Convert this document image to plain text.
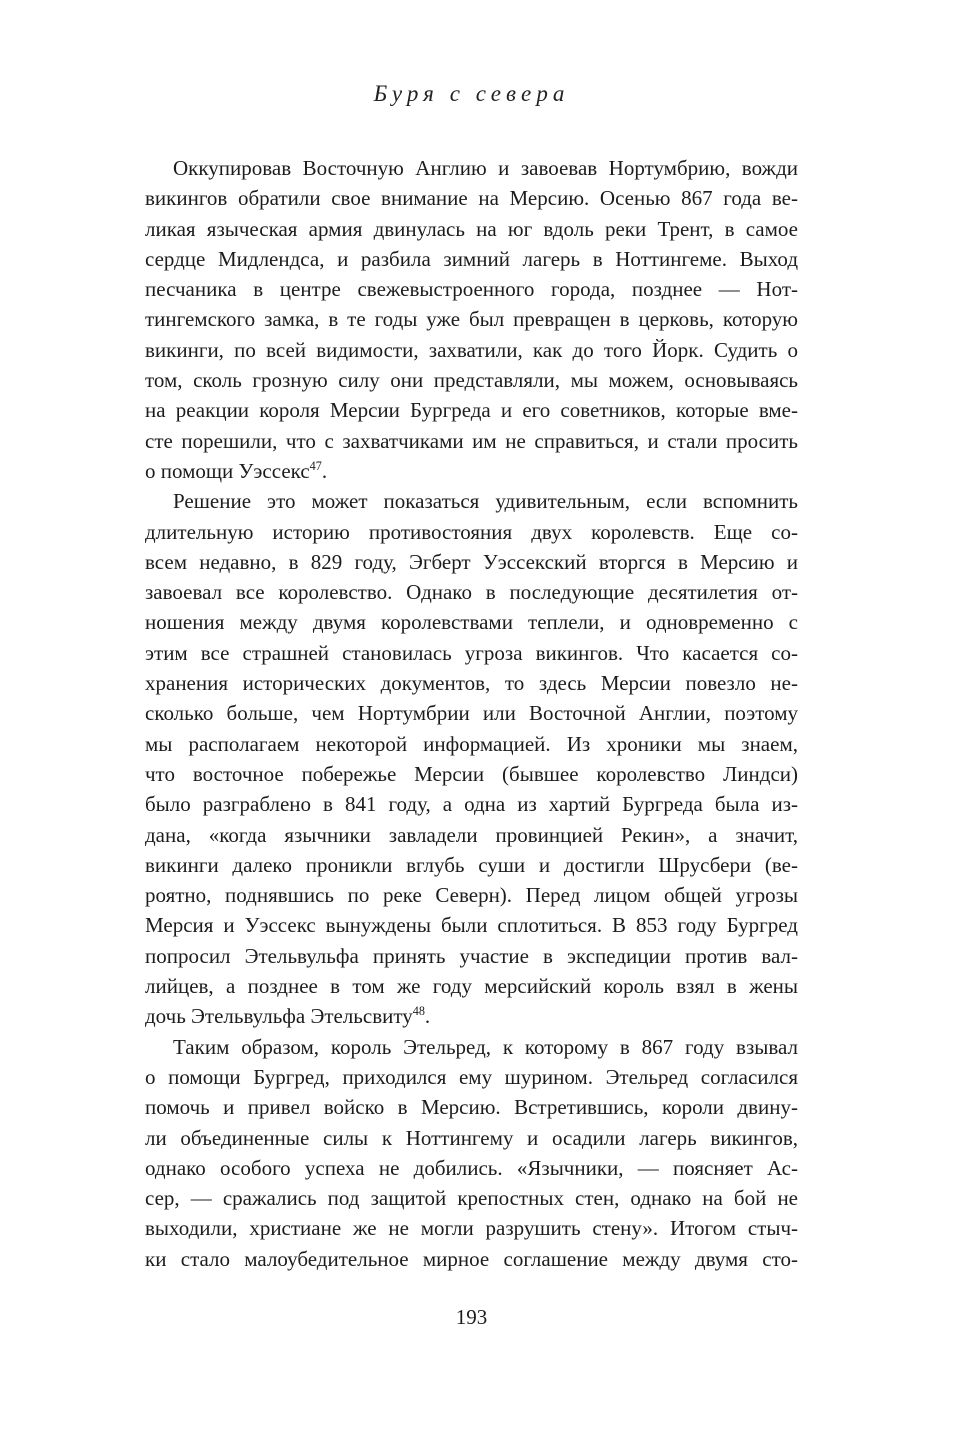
Буря с севера
Оккупировав Восточную Англию и завоевав Нортумбрию, вожди
викингов обратили свое внимание на Мерсию. Осенью 867 года ве-
ликая языческая армия двинулась на юг вдоль реки Трент, в самое
сердце Мидлендса, и разбила зимний лагерь в Ноттингеме. Выход
песчаника в центре свежевыстроенного города, позднее — Нот-
тингемского замка, в те годы уже был превращен в церковь, которую
викинги, по всей видимости, захватили, как до того Йорк. Судить о
том, сколь грозную силу они представляли, мы можем, основываясь
на реакции короля Мерсии Бургреда и его советников, которые вме-
сте порешили, что с захватчиками им не справиться, и стали просить
о помощи Уэссекс$^{47}$.
Решение это может показаться удивительным, если вспомнить
длительную историю противостояния двух королевств. Еще со-
всем недавно, в 829 году, Эгберт Уэссекский вторгся в Мерсию и
завоевал все королевство. Однако в последующие десятилетия от-
ношения между двумя королевствами теплели, и одновременно с
этим все страшней становилась угроза викингов. Что касается со-
хранения исторических документов, то здесь Мерсии повезло не-
сколько больше, чем Нортумбрии или Восточной Англии, поэтому
мы располагаем некоторой информацией. Из хроники мы знаем,
что восточное побережье Мерсии (бывшее королевство Линдси)
было разграблено в 841 году, а одна из хартий Бургреда была из-
дана, «когда язычники завладели провинцией Рекин», а значит,
викинги далеко проникли вглубь суши и достигли Шрусбери (ве-
роятно, поднявшись по реке Северн). Перед лицом общей угрозы
Мерсия и Уэссекс вынуждены были сплотиться. В 853 году Бургред
попросил Этельвульфа принять участие в экспедиции против вал-
лийцев, а позднее в том же году мерсийский король взял в жены
дочь Этельвульфа Этельсвиту$^{48}$.
Таким образом, король Этельред, к которому в 867 году взывал
о помощи Бургред, приходился ему шурином. Этельред согласился
помочь и привел войско в Мерсию. Встретившись, короли двину-
ли объединенные силы к Ноттингему и осадили лагерь викингов,
однако особого успеха не добились. «Язычники, — поясняет Ас-
сер, — сражались под защитой крепостных стен, однако на бой не
выходили, христиане же не могли разрушить стену». Итогом стыч-
ки стало малоубедительное мирное соглашение между двумя сто-
193
